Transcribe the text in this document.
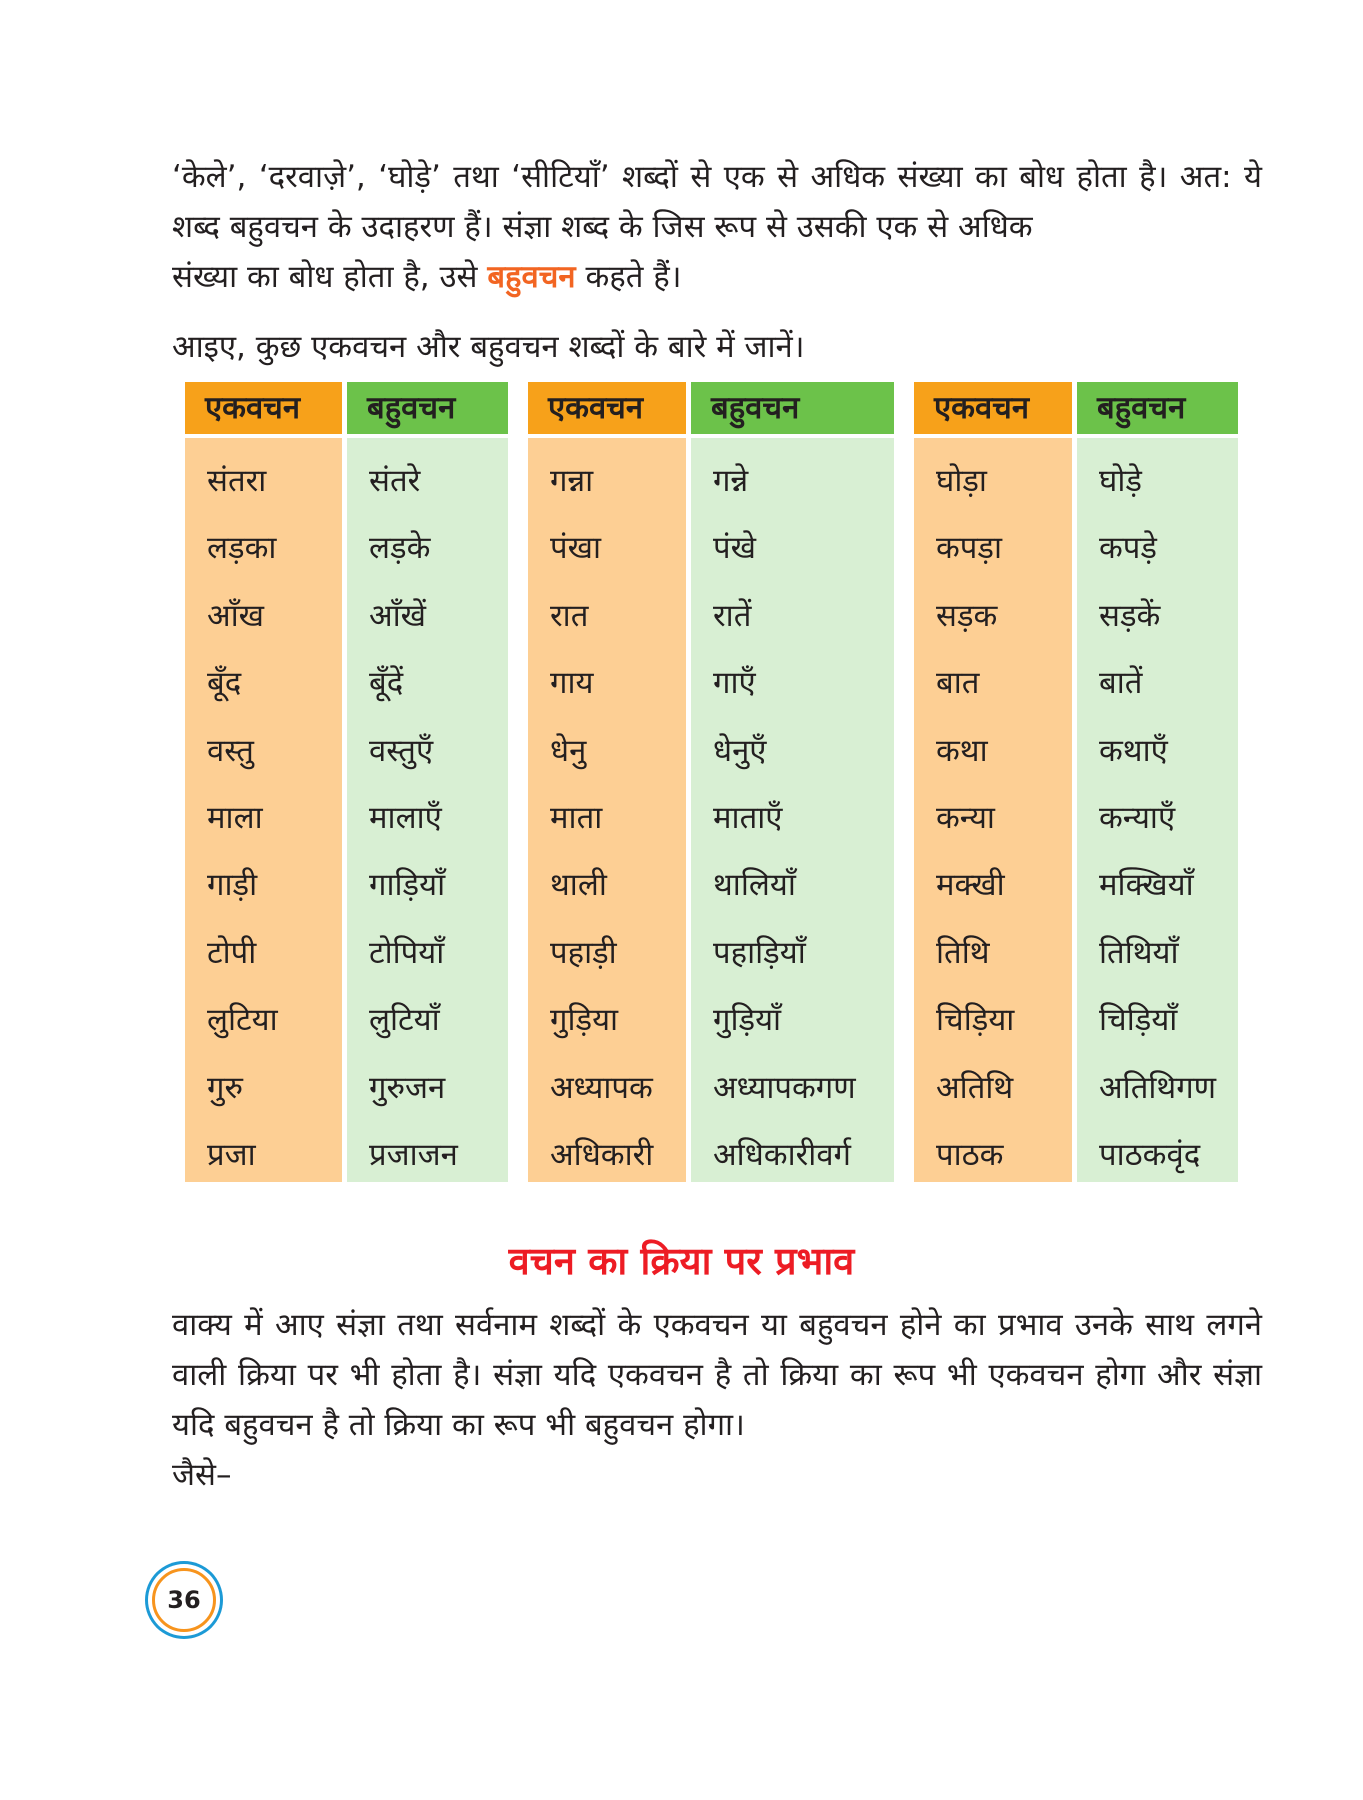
‘केले’, ‘दरवाज़े’, ‘घोड़े’ तथा ‘सीटियाँ’ शब्दों से एक से अधिक संख्या का बोध होता है। अत: ये शब्द बहुवचन के उदाहरण हैं। संज्ञा शब्द के जिस रूप से उसकी एक से अधिक

संख्या का बोध होता है, उसे बहुवचन कहते हैं।

आइए, कुछ एकवचन और बहुवचन शब्दों के बारे में जानें।

एकवचन
संतरा
लड़का
आँख
बूँद
वस्तु
माला
गाड़ी
टोपी
लुटिया
गुरु
प्रजा
बहुवचन
संतरे
लड़के
आँखें
बूँदें
वस्तुएँ
मालाएँ
गाड़ियाँ
टोपियाँ
लुटियाँ
गुरुजन
प्रजाजन
एकवचन
गन्ना
पंखा
रात
गाय
धेनु
माता
थाली
पहाड़ी
गुड़िया
अध्यापक
अधिकारी
बहुवचन
गन्ने
पंखे
रातें
गाएँ
धेनुएँ
माताएँ
थालियाँ
पहाड़ियाँ
गुड़ियाँ
अध्यापकगण
अधिकारीवर्ग
एकवचन
घोड़ा
कपड़ा
सड़क
बात
कथा
कन्या
मक्खी
तिथि
चिड़िया
अतिथि
पाठक
बहुवचन
घोड़े
कपड़े
सड़कें
बातें
कथाएँ
कन्याएँ
मक्खियाँ
तिथियाँ
चिड़ियाँ
अतिथिगण
पाठकवृंद
वचन का क्रिया पर प्रभाव

वाक्य में आए संज्ञा तथा सर्वनाम शब्दों के एकवचन या बहुवचन होने का प्रभाव उनके साथ लगने वाली क्रिया पर भी होता है। संज्ञा यदि एकवचन है तो क्रिया का रूप भी एकवचन होगा और संज्ञा यदि बहुवचन है तो क्रिया का रूप भी बहुवचन होगा।

जैसे–

36
